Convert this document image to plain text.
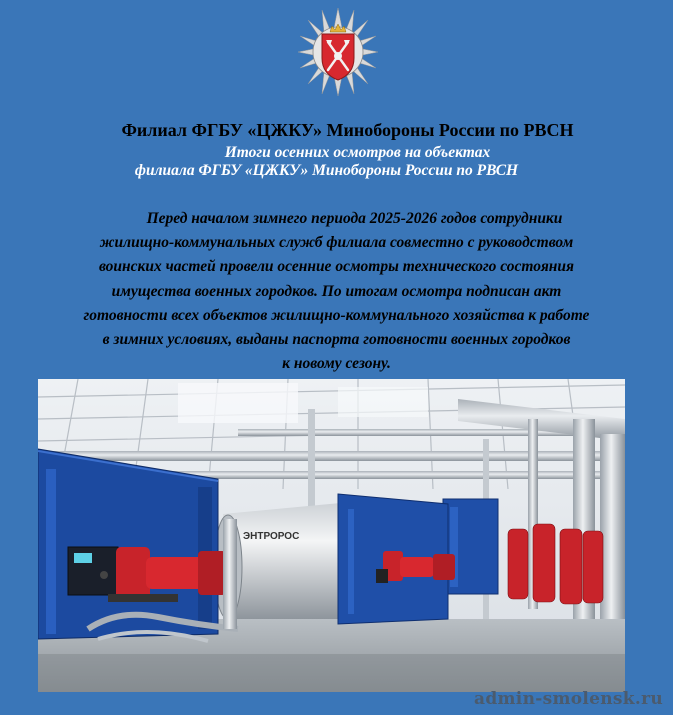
Филиал ФГБУ «ЦЖКУ» Минобороны России по РВСН
Итоги осенних осмотров на объектах
филиала ФГБУ «ЦЖКУ» Минобороны России по РВСН
Перед началом зимнего периода 2025-2026 годов сотрудники
жилищно-коммунальных служб филиала совместно с руководством
воинских частей провели осенние осмотры технического состояния
имущества военных городков. По итогам осмотра подписан акт
готовности всех объектов жилищно-коммунального хозяйства к работе
в зимних условиях, выданы паспорта готовности военных городков
к новому сезону.
ЭНТРОРОС
admin-smolensk.ru
